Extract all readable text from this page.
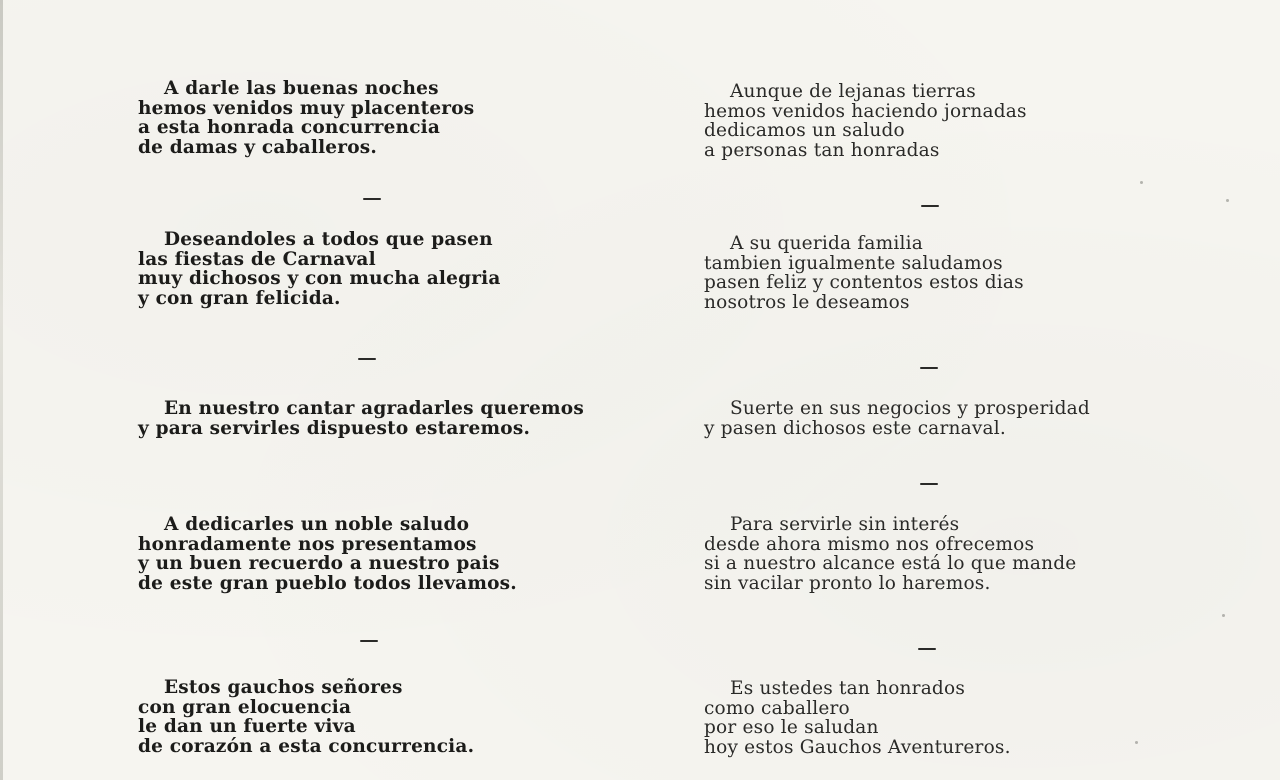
A darle las buenas noches
hemos venidos muy placenteros
a esta honrada concurrencia
de damas y caballeros.
Deseandoles a todos que pasen
las fiestas de Carnaval
muy dichosos y con mucha alegria
y con gran felicida.
En nuestro cantar agradarles queremos
y para servirles dispuesto estaremos.
A dedicarles un noble saludo
honradamente nos presentamos
y un buen recuerdo a nuestro pais
de este gran pueblo todos llevamos.
Estos gauchos señores
con gran elocuencia
le dan un fuerte viva
de corazón a esta concurrencia.
Aunque de lejanas tierras
hemos venidos haciendo jornadas
dedicamos un saludo
a personas tan honradas
A su querida familia
tambien igualmente saludamos
pasen feliz y contentos estos dias
nosotros le deseamos
Suerte en sus negocios y prosperidad
y pasen dichosos este carnaval.
Para servirle sin interés
desde ahora mismo nos ofrecemos
si a nuestro alcance está lo que mande
sin vacilar pronto lo haremos.
Es ustedes tan honrados
como caballero
por eso le saludan
hoy estos Gauchos Aventureros.
